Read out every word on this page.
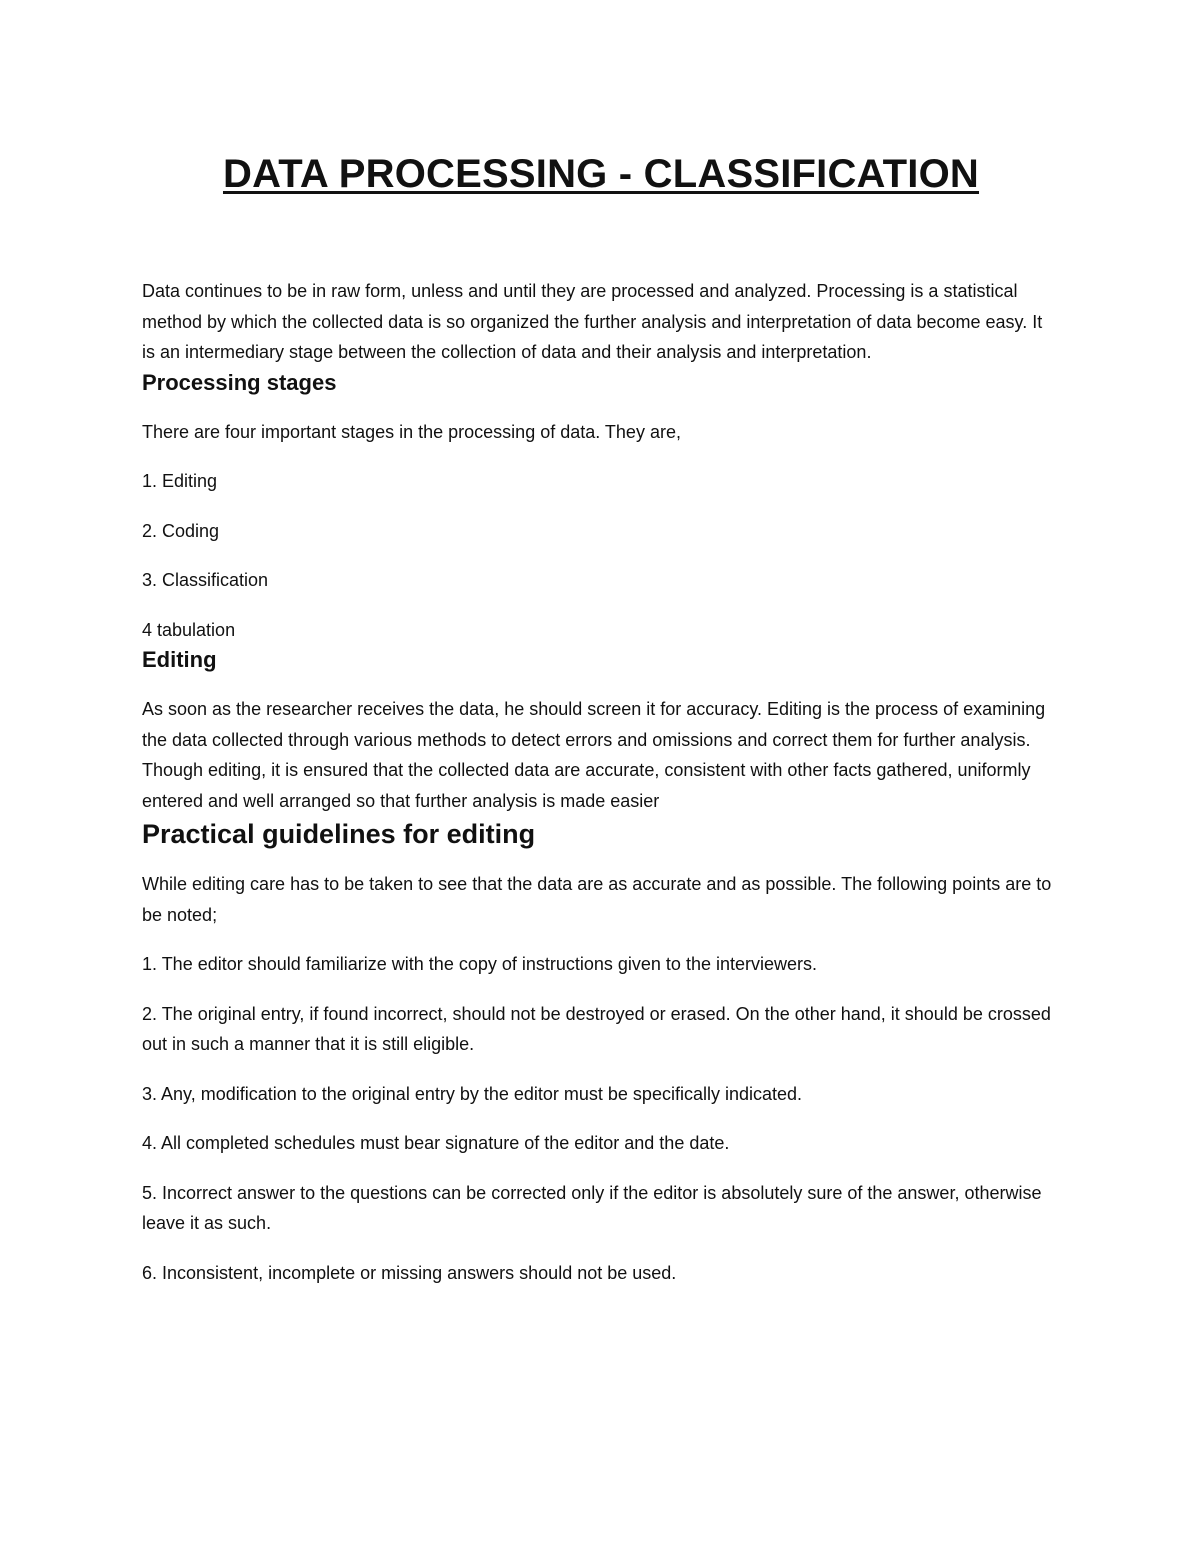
DATA PROCESSING - CLASSIFICATION

Data continues to be in raw form, unless and until they are processed and analyzed. Processing is a statistical method by which the collected data is so organized the further analysis and interpretation of data become easy. It is an intermediary stage between the collection of data and their analysis and interpretation.

Processing stages

There are four important stages in the processing of data. They are,

1. Editing

2. Coding

3. Classification

4 tabulation

Editing

As soon as the researcher receives the data, he should screen it for accuracy. Editing is the process of examining the data collected through various methods to detect errors and omissions and correct them for further analysis. Though editing, it is ensured that the collected data are accurate, consistent with other facts gathered, uniformly entered and well arranged so that further analysis is made easier

Practical guidelines for editing

While editing care has to be taken to see that the data are as accurate and as possible. The following points are to be noted;

1. The editor should familiarize with the copy of instructions given to the interviewers.

2. The original entry, if found incorrect, should not be destroyed or erased. On the other hand, it should be crossed out in such a manner that it is still eligible.

3. Any, modification to the original entry by the editor must be specifically indicated.

4. All completed schedules must bear signature of the editor and the date.

5. Incorrect answer to the questions can be corrected only if the editor is absolutely sure of the answer, otherwise leave it as such.

6. Inconsistent, incomplete or missing answers should not be used.
